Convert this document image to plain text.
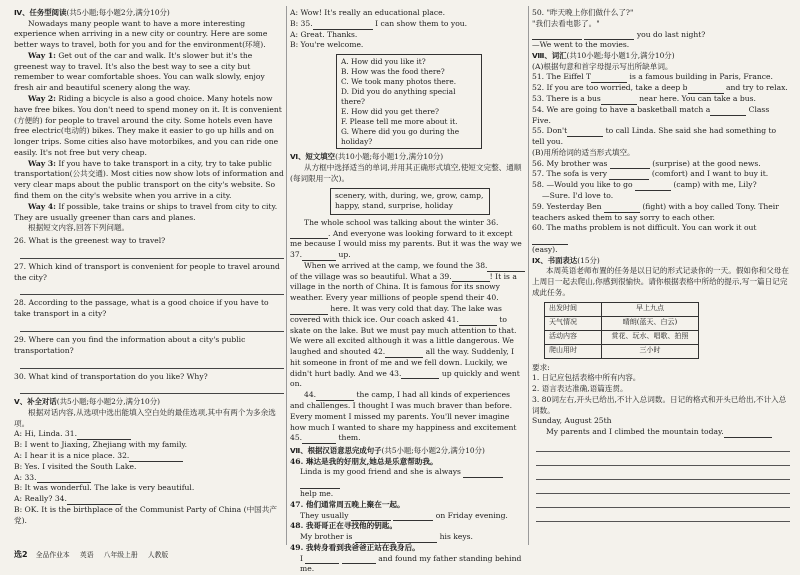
Ⅳ、任务型阅读(共5小题;每小题2分,满分10分)

Nowadays many people want to have a more interesting experience when arriving in a new city or country. Here are some better ways to travel, both for you and for the environment(环境).

Way 1: Get out of the car and walk. It's slower but it's the greenest way to travel. It's also the best way to see a city but remember to wear comfortable shoes. You can walk slowly, enjoy fresh air and beautiful scenery along the way.

Way 2: Riding a bicycle is also a good choice. Many hotels now have free bikes. You don't need to spend money on it. It is convenient (方便的) for people to travel around the city. Some hotels even have free electric(电动的) bikes. They make it easier to go up hills and on longer trips. Some cities also have motorbikes, and you can ride one easily. It's not free but very cheap.

Way 3: If you have to take transport in a city, try to take public transportation(公共交通). Most cities now show lots of information and very clear maps about the public transport on the city's website. So find them on the city's website when you arrive in a city.

Way 4: If possible, take trains or ships to travel from city to city. They are usually greener than cars and planes.

根据短文内容,回答下列问题。

26. What is the greenest way to travel?

27. Which kind of transport is convenient for people to travel around the city?

28. According to the passage, what is a good choice if you have to take transport in a city?

29. Where can you find the information about a city's public transportation?

30. What kind of transportation do you like? Why?

Ⅴ、补全对话(共5小题;每小题2分,满分10分)

根据对话内容,从选项中选出能填入空白处的最佳选项,其中有两个为多余选项。

A: Hi, Linda. 31.

B: I went to Jiaxing, Zhejiang with my family.

A: I hear it is a nice place. 32.

B: Yes. I visited the South Lake.

A: 33.

B: It was wonderful. The lake is very beautiful.

A: Really? 34.

B: OK. It is the birthplace of the Communist Party of China (中国共产党).

A: Wow! It's really an educational place.

B: 35.	I can show them to you.

A: Great. Thanks.

B: You're welcome.

A. How did you like it?
B. How was the food there?
C. We took many photos there.
D. Did you do anything special there?
E. How did you get there?
F. Please tell me more about it.
G. Where did you go during the holiday?

Ⅵ、短文填空(共10小题;每小题1分,满分10分)

从方框中选择适当的单词,并用其正确形式填空,使短文完整、通顺(每词限用一次)。

scenery, with, during, we, grow, camp, happy, stand, surprise, holiday

The whole school was talking about the winter 36.. And everyone was looking forward to it except me because I would miss my parents. But it was the way we 37.	up.

When we arrived at the camp, we found the 38. of the village was so beautiful. What a 39.	! It is a village in the north of China. It is famous for its snowy weather. Every year millions of people spend their 40. here. It was very cold that day. The lake was covered with thick ice. Our coach asked 41.	to skate on the lake. But we must pay much attention to that. We were all excited although it was a little dangerous. We laughed and shouted 42.	all the way. Suddenly, I hit someone in front of me and we fell down. Luckily, we didn't hurt badly. And we 43.	up quickly and went on.

44.	the camp, I had all kinds of experiences and challenges. I thought I was much braver than before. Every moment I missed my parents. You'll never imagine how much I wanted to share my happiness and excitement 45.	them.

Ⅶ、根据汉语意思完成句子(共5小题;每小题2分,满分10分)

46. 琳达是我的好朋友,她总是乐意帮助我。

Linda is my good friend and she is always
help me.

47. 他们通常周五晚上聚在一起。

They usually	on Friday evening.

48. 我哥哥正在寻找他的钥匙。

My brother is	his keys.

49. 我转身看到我爸爸正站在我身后。

I	and found my father standing behind me.

50. "昨天晚上你们做什么了?"

"我们去看电影了。"

you do last night?

—We went to the movies.

Ⅷ、词汇(共10小题;每小题1分,满分10分)

(A)根据句意和首字母提示写出所缺单词。

51. The Eiffel T	is a famous building in Paris, France.

52. If you are too worried, take a deep b	and try to relax.

53. There is a bus	near here. You can take a bus.

54. We are going to have a basketball match a	Class Five.

55. Don't	to call Linda. She said she had something to tell you.

(B)用所给词的适当形式填空。

56. My brother was	(surprise) at the good news.

57. The sofa is very	(comfort) and I want to buy it.

58. —Would you like to go	(camp) with me, Lily?

—Sure. I'd love to.

59. Yesterday Ben	(fight) with a boy called Tony. Their teachers asked them to say sorry to each other.

60. The maths problem is not difficult. You can work it out
(easy).

Ⅸ、书面表达(15分)

本周英语老师布置的任务是以日记的形式记录你的一天。假如你和父母在上周日一起去爬山,你感到很愉快。请你根据表格中所给的提示,写一篇日记完成此任务。

出发时间	早上九点
天气情况	晴朗(蓝天、白云)
活动内容	赏花、玩水、唱歌、拍照
爬山用时	三小时

要求:

1. 日记应包括表格中所有内容。

2. 语言表达准确,语篇连贯。

3. 80词左右,开头已给出,不计入总词数。日记的格式和开头已给出,不计入总词数。

Sunday, August 25th

My parents and I climbed the mountain today.

选2 全品作业本 英语 八年级上册 人教版
